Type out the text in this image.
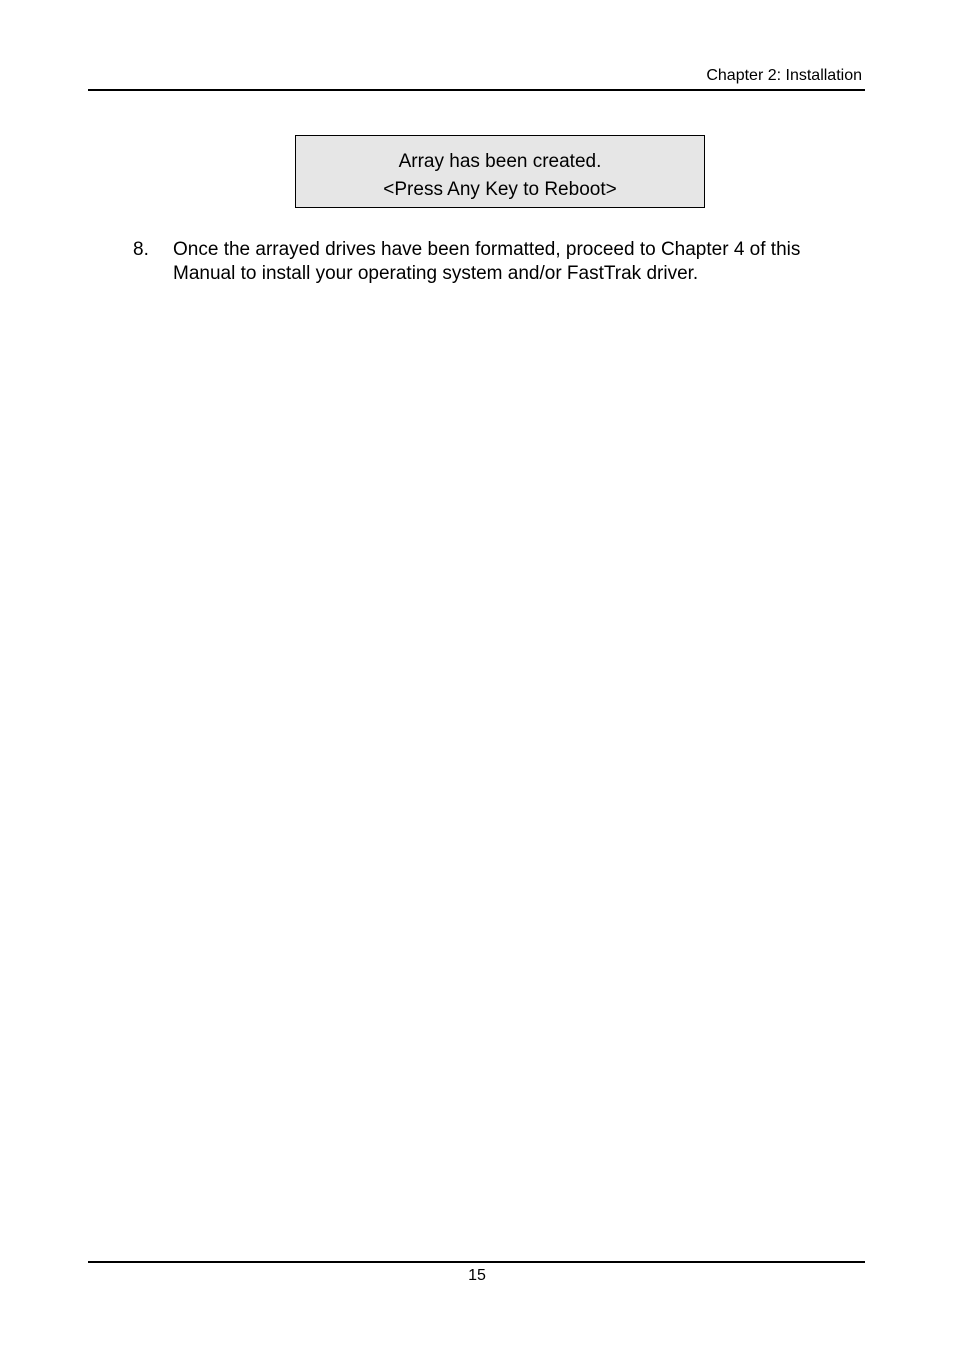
Chapter 2: Installation
Array has been created.
<Press Any Key to Reboot>
8. Once the arrayed drives have been formatted, proceed to Chapter 4 of this Manual to install your operating system and/or FastTrak driver.
15
